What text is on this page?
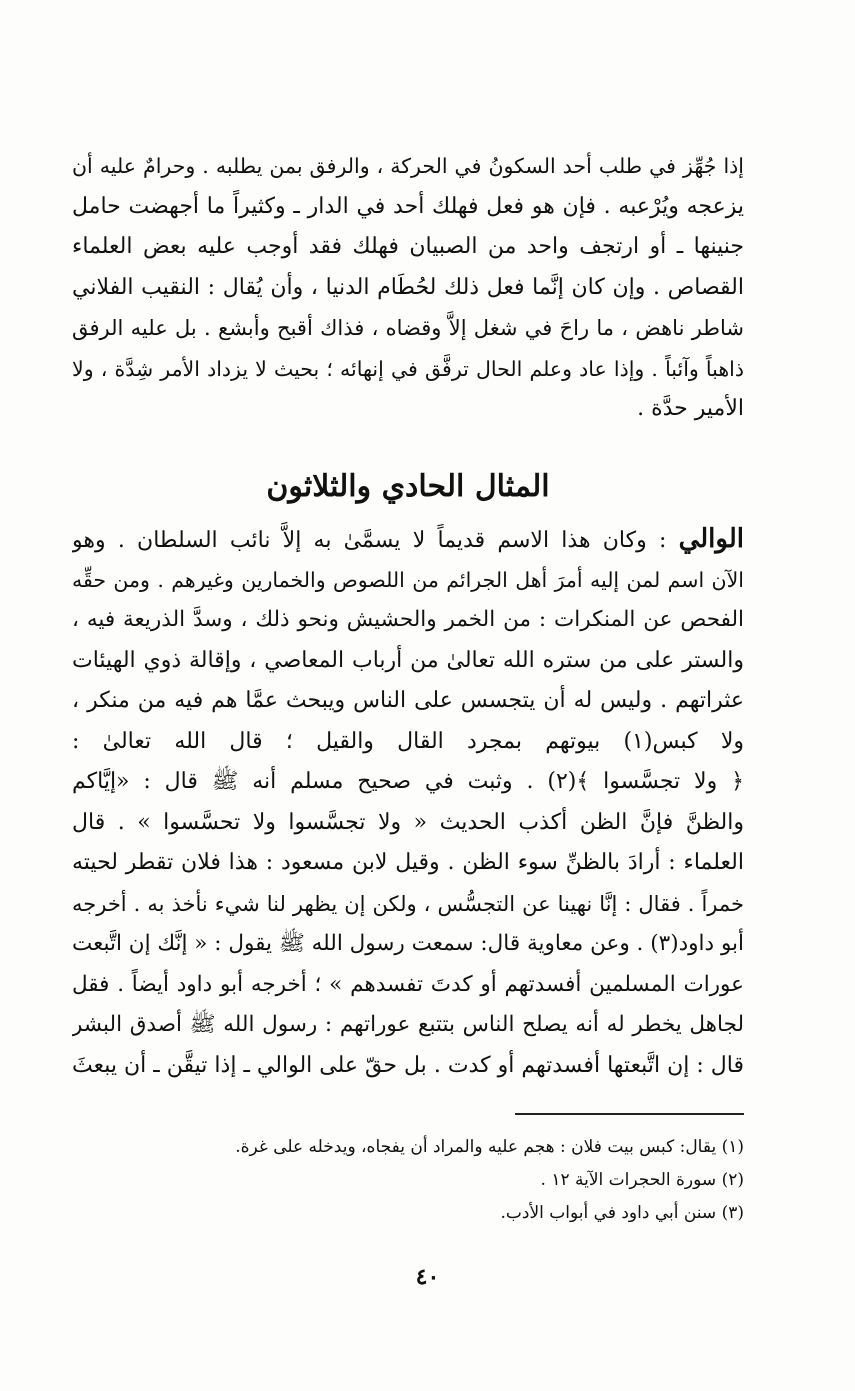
إذا جُهِّز في طلب أحد السكونُ في الحركة ، والرفق بمن يطلبه . وحرامٌ عليه أن
يزعجه ويُرْعبه . فإن هو فعل فهلك أحد في الدار ـ وكثيراً ما أجهضت حامل
جنينها ـ أو ارتجف واحد من الصبيان فهلك فقد أوجب عليه بعض العلماء
القصاص . وإن كان إنَّما فعل ذلك لحُطَام الدنيا ، وأن يُقال : النقيب الفلاني
شاطر ناهض ، ما راحَ في شغل إلاَّ وقضاه ، فذاك أقبح وأبشع . بل عليه الرفق
ذاهباً وآئباً . وإذا عاد وعلم الحال ترفَّق في إنهائه ؛ بحيث لا يزداد الأمر شِدَّة ، ولا
الأمير حدَّة .
المثال الحادي والثلاثون
الوالي : وكان هذا الاسم قديماً لا يسمَّىٰ به إلاَّ نائب السلطان . وهو
الآن اسم لمن إليه أمرَ أهل الجرائم من اللصوص والخمارين وغيرهم . ومن حقِّه
الفحص عن المنكرات : من الخمر والحشيش ونحو ذلك ، وسدَّ الذريعة فيه ،
والستر على من ستره الله تعالىٰ من أرباب المعاصي ، وإقالة ذوي الهيئات
عثراتهم . وليس له أن يتجسس على الناس ويبحث عمَّا هم فيه من منكر ،
ولا كبس(١) بيوتهم بمجرد القال والقيل ؛ قال الله تعالىٰ :
﴿ ولا تجسَّسوا ﴾(٢) . وثبت في صحيح مسلم أنه ﷺ قال : «إيَّاكم
والظنَّ فإنَّ الظن أكذب الحديث « ولا تجسَّسوا ولا تحسَّسوا » . قال
العلماء : أرادَ بالظنِّ سوء الظن . وقيل لابن مسعود : هذا فلان تقطر لحيته
خمراً . فقال : إنَّا نهينا عن التجسُّس ، ولكن إن يظهر لنا شيء نأخذ به . أخرجه
أبو داود(٣) . وعن معاوية قال: سمعت رسول الله ﷺ يقول : « إنَّك إن اتَّبعت
عورات المسلمين أفسدتهم أو كدتَ تفسدهم » ؛ أخرجه أبو داود أيضاً . فقل
لجاهل يخطر له أنه يصلح الناس بتتبع عوراتهم : رسول الله ﷺ أصدق البشر
قال : إن اتَّبعتها أفسدتهم أو كدت . بل حقّ على الوالي ـ إذا تيقَّن ـ أن يبعثَ
(١) يقال: كبس بيت فلان : هجم عليه والمراد أن يفجاه، ويدخله على غرة.
(٢) سورة الحجرات الآية ١٢ .
(٣) سنن أبي داود في أبواب الأدب.
٤٠
